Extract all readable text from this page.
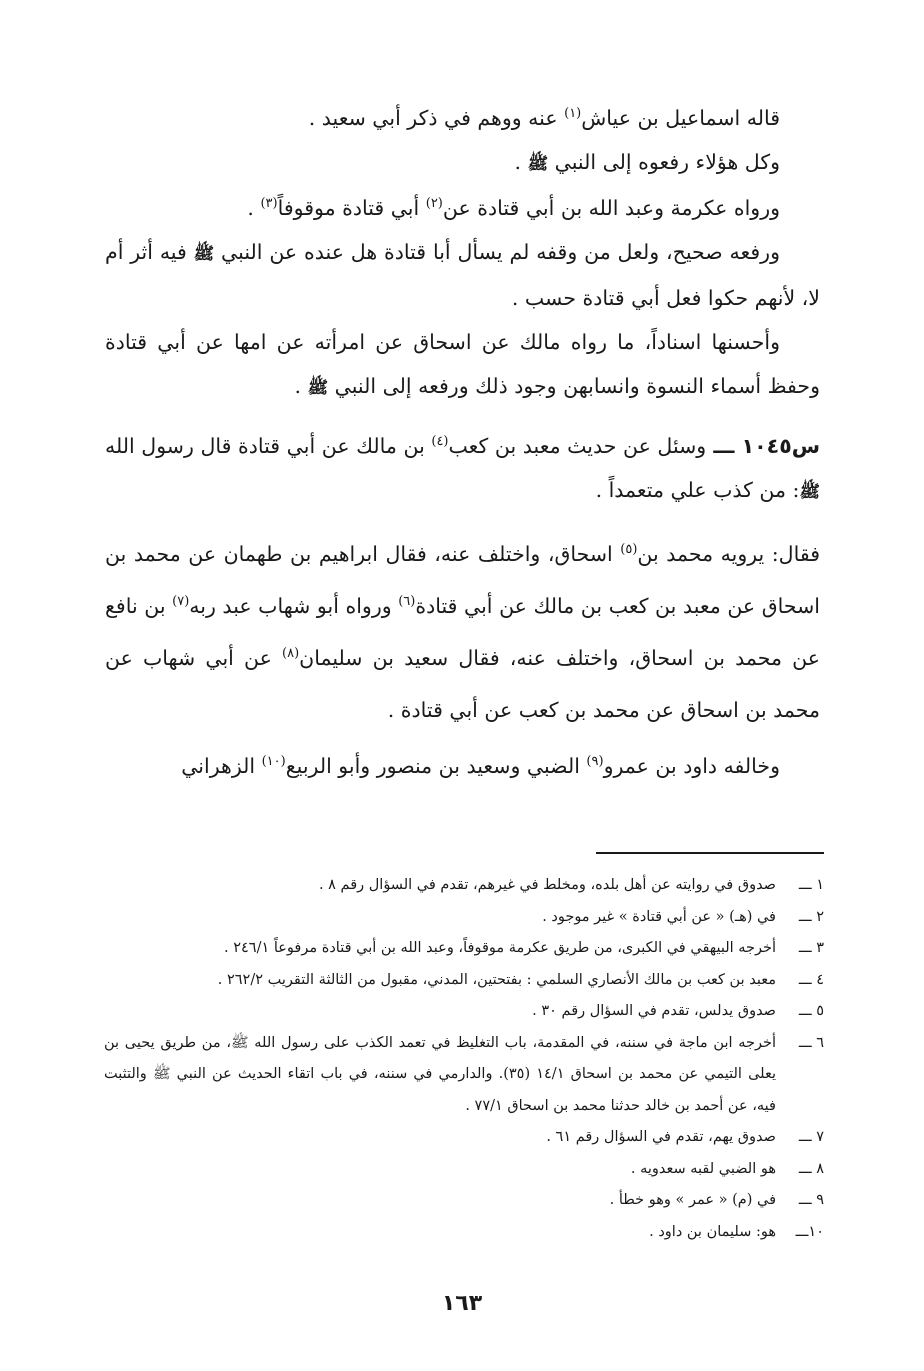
قاله اسماعيل بن عياش$^{(١)}$ عنه ووهم في ذكر أبي سعيد .

وكل هؤلاء رفعوه إلى النبي ﷺ .

ورواه عكرمة وعبد الله بن أبي قتادة عن$^{(٢)}$ أبي قتادة موقوفاً$^{(٣)}$ .

ورفعه صحيح، ولعل من وقفه لم يسأل أبا قتادة هل عنده عن النبي ﷺ فيه أثر أم لا، لأنهم حكوا فعل أبي قتادة حسب .

وأحسنها اسناداً، ما رواه مالك عن اسحاق عن امرأته عن امها عن أبي قتادة وحفظ أسماء النسوة وانسابهن وجود ذلك ورفعه إلى النبي ﷺ .

س١٠٤٥ ـــ وسئل عن حديث معبد بن كعب$^{(٤)}$ بن مالك عن أبي قتادة قال رسول الله ﷺ: من كذب علي متعمداً .

فقال: يرويه محمد بن$^{(٥)}$ اسحاق، واختلف عنه، فقال ابراهيم بن طهمان عن محمد بن اسحاق عن معبد بن كعب بن مالك عن أبي قتادة$^{(٦)}$ ورواه أبو شهاب عبد ربه$^{(٧)}$ بن نافع عن محمد بن اسحاق، واختلف عنه، فقال سعيد بن سليمان$^{(٨)}$ عن أبي شهاب عن محمد بن اسحاق عن محمد بن كعب عن أبي قتادة .

وخالفه داود بن عمرو$^{(٩)}$ الضبي وسعيد بن منصور وأبو الربيع$^{(١٠)}$ الزهراني

١ ـــ
صدوق في روايته عن أهل بلده، ومخلط في غيرهم، تقدم في السؤال رقم ٨ .
٢ ـــ
في (هـ) « عن أبي قتادة » غير موجود .
٣ ـــ
أخرجه البيهقي في الكبرى، من طريق عكرمة موقوفاً، وعبد الله بن أبي قتادة مرفوعاً ٢٤٦/١ .
٤ ـــ
معبد بن كعب بن مالك الأنصاري السلمي : بفتحتين، المدني، مقبول من الثالثة التقريب ٢٦٢/٢ .
٥ ـــ
صدوق يدلس، تقدم في السؤال رقم ٣٠ .
٦ ـــ
أخرجه ابن ماجة في سننه، في المقدمة، باب التغليظ في تعمد الكذب على رسول الله ﷺ، من طريق يحيى بن يعلى التيمي عن محمد بن اسحاق ١٤/١ (٣٥). والدارمي في سننه، في باب اتقاء الحديث عن النبي ﷺ والتثبت فيه، عن أحمد بن خالد حدثنا محمد بن اسحاق ٧٧/١ .
٧ ـــ
صدوق يهم، تقدم في السؤال رقم ٦١ .
٨ ـــ
هو الضبي لقبه سعدويه .
٩ ـــ
في (م) « عمر » وهو خطأ .
١٠ـــ
هو: سليمان بن داود .
١٦٣
